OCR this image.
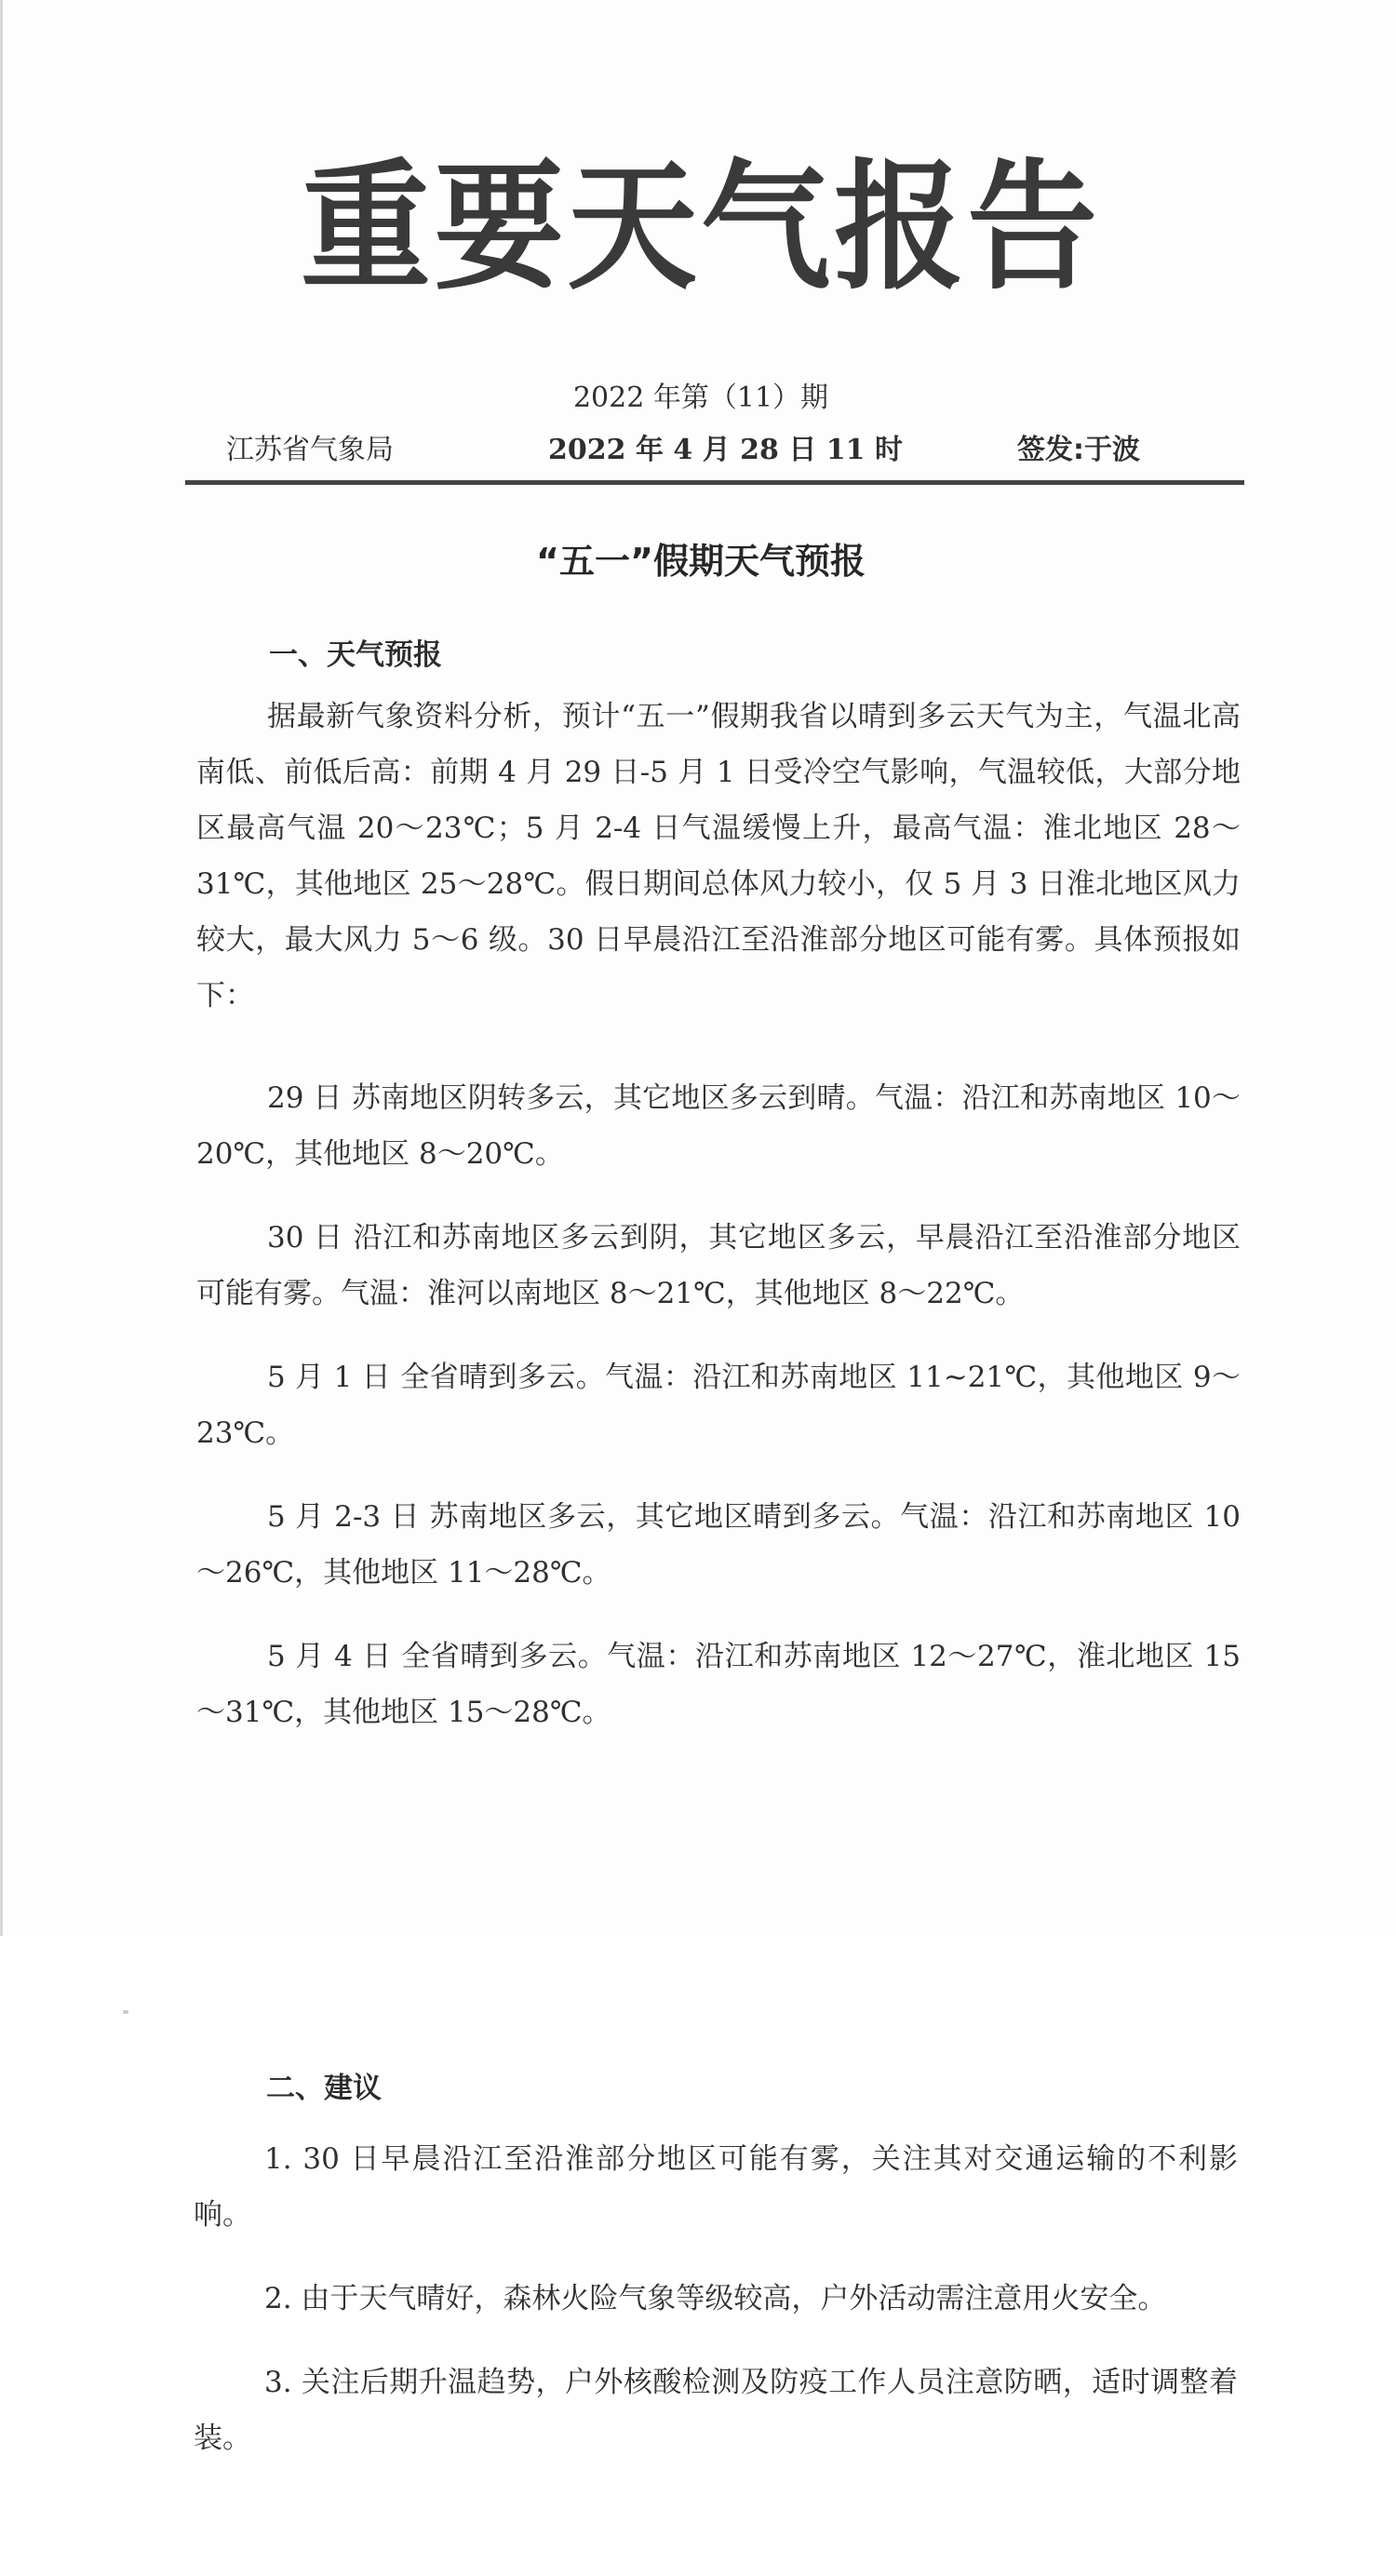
重要天气报告
2022 年第（11）期
江苏省气象局	2022 年 4 月 28 日 11 时	签发:于波
“五一”假期天气预报
一、天气预报

据最新气象资料分析，预计“五一”假期我省以晴到多云天气为主，气温北高南低、前低后高：前期 4 月 29 日-5 月 1 日受冷空气影响，气温较低，大部分地区最高气温 20～23℃；5 月 2-4 日气温缓慢上升，最高气温：淮北地区 28～31℃，其他地区 25～28℃。假日期间总体风力较小，仅 5 月 3 日淮北地区风力较大，最大风力 5～6 级。30 日早晨沿江至沿淮部分地区可能有雾。具体预报如下：

29 日 苏南地区阴转多云，其它地区多云到晴。气温：沿江和苏南地区 10～20℃，其他地区 8～20℃。

30 日 沿江和苏南地区多云到阴，其它地区多云，早晨沿江至沿淮部分地区可能有雾。气温：淮河以南地区 8～21℃，其他地区 8～22℃。

5 月 1 日 全省晴到多云。气温：沿江和苏南地区 11~21℃，其他地区 9～23℃。

5 月 2-3 日 苏南地区多云，其它地区晴到多云。气温：沿江和苏南地区 10～26℃，其他地区 11～28℃。

5 月 4 日 全省晴到多云。气温：沿江和苏南地区 12～27℃，淮北地区 15～31℃，其他地区 15～28℃。

二、建议

1. 30 日早晨沿江至沿淮部分地区可能有雾，关注其对交通运输的不利影响。

2. 由于天气晴好，森林火险气象等级较高，户外活动需注意用火安全。

3. 关注后期升温趋势，户外核酸检测及防疫工作人员注意防晒，适时调整着装。
